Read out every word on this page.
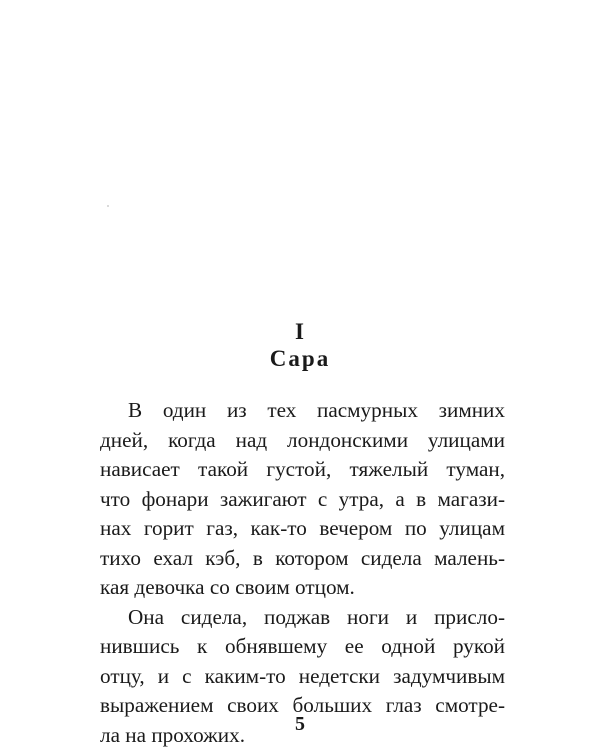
I
Сара
В один из тех пасмурных зимних
дней, когда над лондонскими улицами
нависает такой густой, тяжелый туман,
что фонари зажигают с утра, а в магази-
нах горит газ, как-то вечером по улицам
тихо ехал кэб, в котором сидела малень-
кая девочка со своим отцом.
Она сидела, поджав ноги и присло-
нившись к обнявшему ее одной рукой
отцу, и с каким-то недетски задумчивым
выражением своих больших глаз смотре-
ла на прохожих.	5
